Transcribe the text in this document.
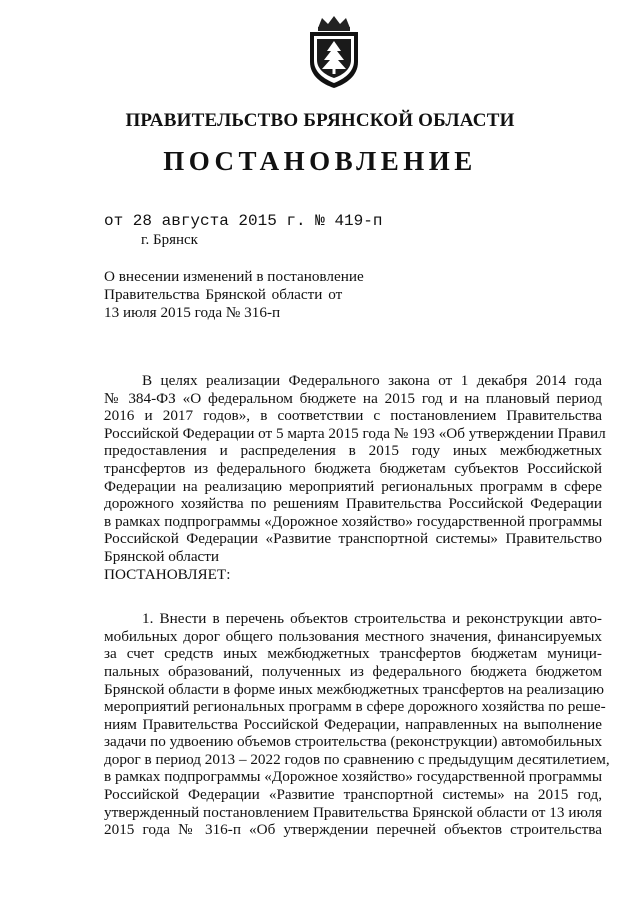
ПРАВИТЕЛЬСТВО БРЯНСКОЙ ОБЛАСТИ
ПОСТАНОВЛЕНИЕ
от 28 августа 2015 г. № 419-п
г. Брянск
О внесении изменений в постановление
Правительства Брянской области от
13 июля 2015 года № 316-п
В целях реализации Федерального закона от 1 декабря 2014 года
№ 384-ФЗ «О федеральном бюджете на 2015 год и на плановый период
2016 и 2017 годов», в соответствии с постановлением Правительства
Российской Федерации от 5 марта 2015 года № 193 «Об утверждении Правил
предоставления и распределения в 2015 году иных межбюджетных
трансфертов из федерального бюджета бюджетам субъектов Российской
Федерации на реализацию мероприятий региональных программ в сфере
дорожного хозяйства по решениям Правительства Российской Федерации
в рамках подпрограммы «Дорожное хозяйство» государственной программы
Российской Федерации «Развитие транспортной системы» Правительство
Брянской области
ПОСТАНОВЛЯЕТ:
1. Внести в перечень объектов строительства и реконструкции авто-
мобильных дорог общего пользования местного значения, финансируемых
за счет средств иных межбюджетных трансфертов бюджетам муници-
пальных образований, полученных из федерального бюджета бюджетом
Брянской области в форме иных межбюджетных трансфертов на реализацию
мероприятий региональных программ в сфере дорожного хозяйства по реше-
ниям Правительства Российской Федерации, направленных на выполнение
задачи по удвоению объемов строительства (реконструкции) автомобильных
дорог в период 2013 – 2022 годов по сравнению с предыдущим десятилетием,
в рамках подпрограммы «Дорожное хозяйство» государственной программы
Российской Федерации «Развитие транспортной системы» на 2015 год,
утвержденный постановлением Правительства Брянской области от 13 июля
2015 года № 316-п «Об утверждении перечней объектов строительства
